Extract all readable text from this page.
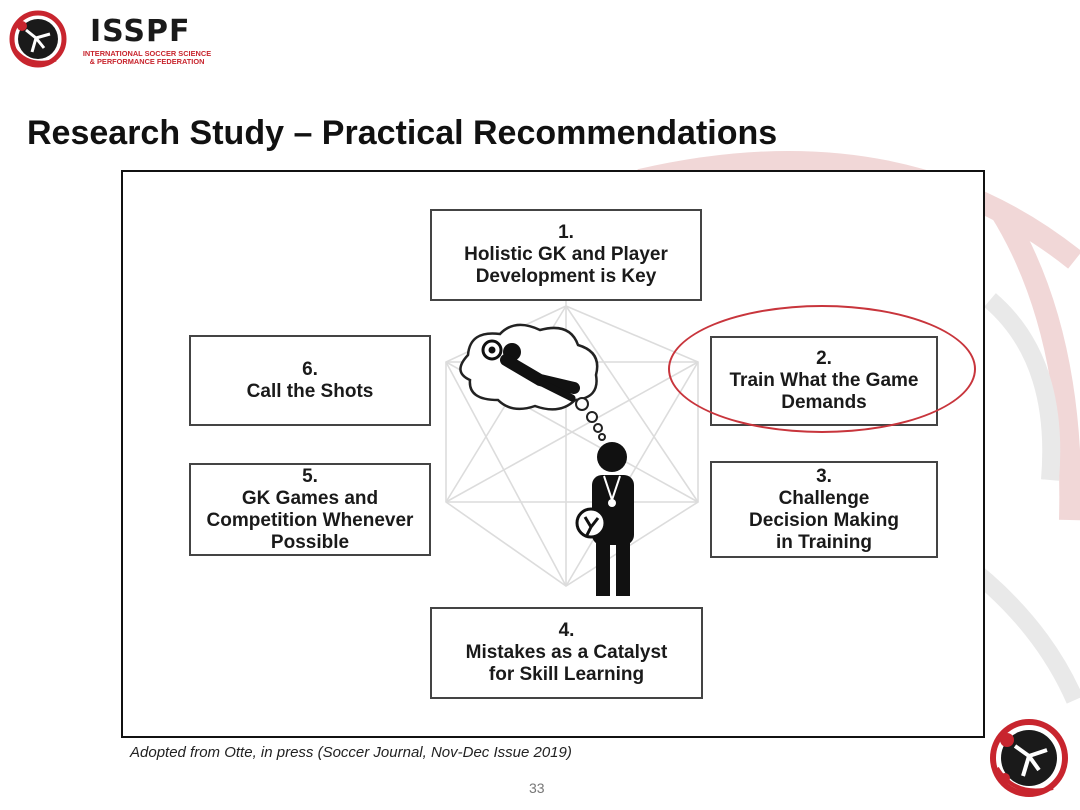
ISSPF
INTERNATIONAL SOCCER SCIENCE
& PERFORMANCE FEDERATION
Research Study – Practical Recommendations
1.
Holistic GK and Player
Development is Key
2.
Train What the Game
Demands
3.
Challenge
Decision Making
in Training
4.
Mistakes as a Catalyst
for Skill Learning
5.
GK Games and
Competition Whenever
Possible
6.
Call the Shots
Adopted from Otte, in press (Soccer Journal, Nov-Dec Issue 2019)
33
